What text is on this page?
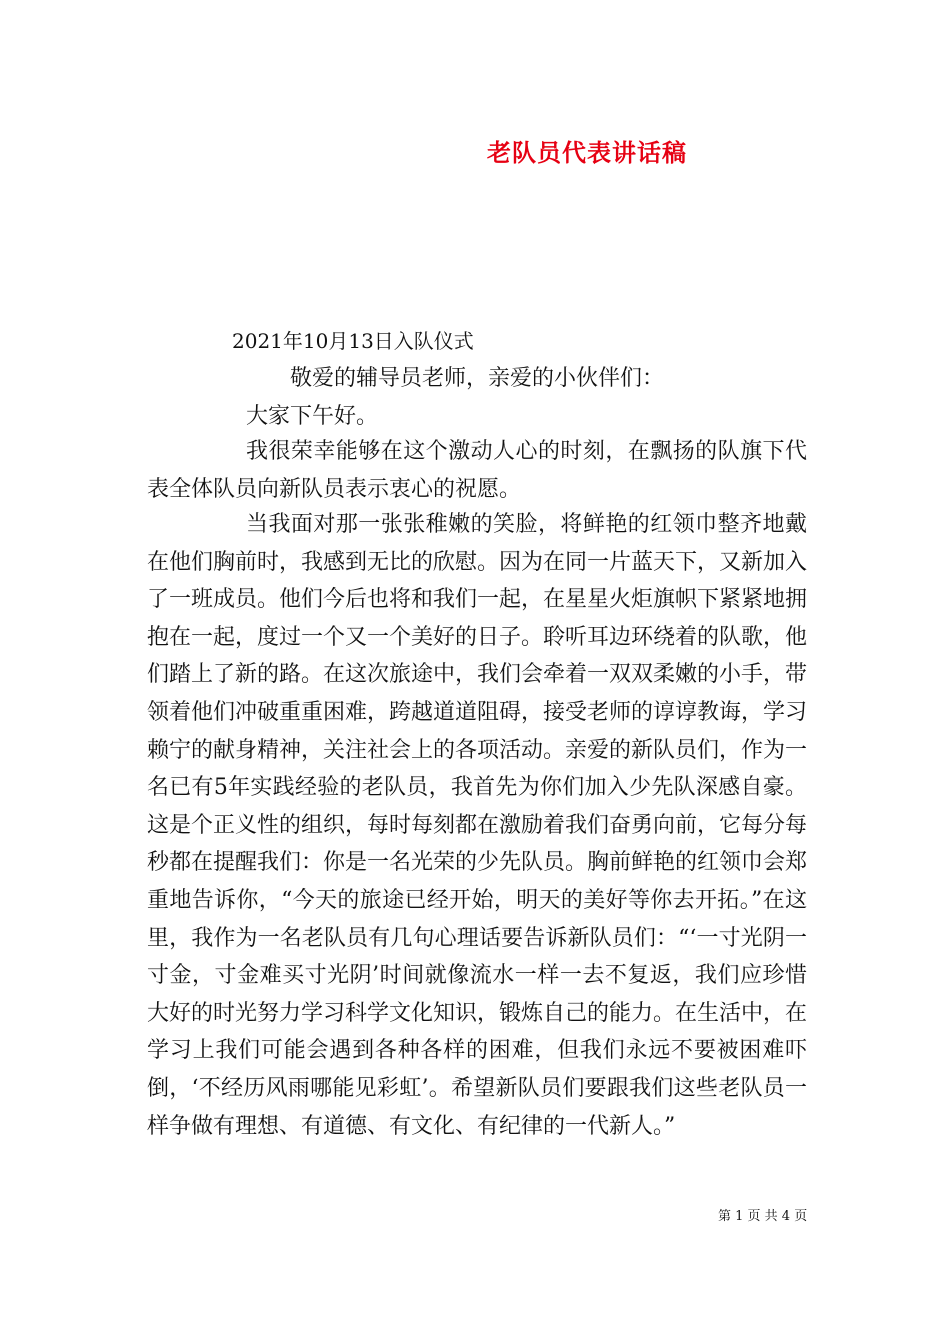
老队员代表讲话稿
2021年10月13日入队仪式
敬爱的辅导员老师，亲爱的小伙伴们：
大家下午好。

我很荣幸能够在这个激动人心的时刻，在飘扬的队旗下代表全体队员向新队员表示衷心的祝愿。

当我面对那一张张稚嫩的笑脸，将鲜艳的红领巾整齐地戴在他们胸前时，我感到无比的欣慰。因为在同一片蓝天下，又新加入了一班成员。他们今后也将和我们一起，在星星火炬旗帜下紧紧地拥抱在一起，度过一个又一个美好的日子。聆听耳边环绕着的队歌，他们踏上了新的路。在这次旅途中，我们会牵着一双双柔嫩的小手，带领着他们冲破重重困难，跨越道道阻碍，接受老师的谆谆教诲，学习赖宁的献身精神，关注社会上的各项活动。亲爱的新队员们，作为一名已有5年实践经验的老队员，我首先为你们加入少先队深感自豪。这是个正义性的组织，每时每刻都在激励着我们奋勇向前，它每分每秒都在提醒我们：你是一名光荣的少先队员。胸前鲜艳的红领巾会郑重地告诉你，“今天的旅途已经开始，明天的美好等你去开拓。”在这里，我作为一名老队员有几句心理话要告诉新队员们：“‘一寸光阴一寸金，寸金难买寸光阴’时间就像流水一样一去不复返，我们应珍惜大好的时光努力学习科学文化知识，锻炼自己的能力。在生活中，在学习上我们可能会遇到各种各样的困难，但我们永远不要被困难吓倒，‘不经历风雨哪能见彩虹’。希望新队员们要跟我们这些老队员一样争做有理想、有道德、有文化、有纪律的一代新人。”

第 1 页 共 4 页
